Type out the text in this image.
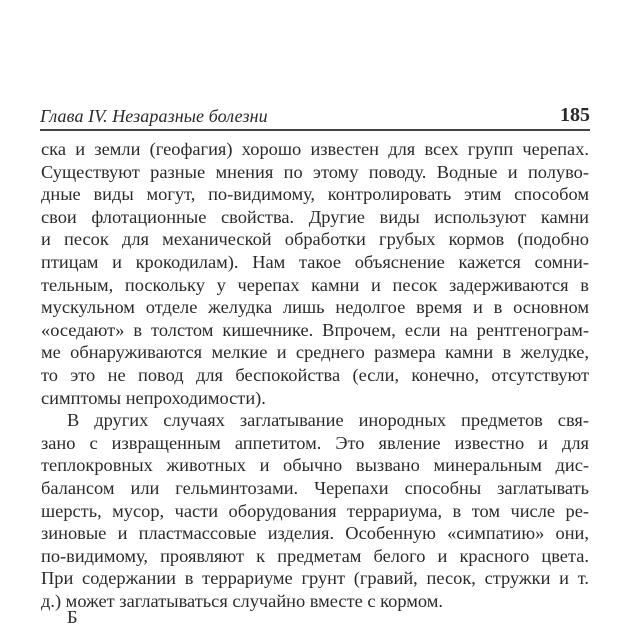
Глава IV. Незаразные болезни	185
ска и земли (геофагия) хорошо известен для всех групп черепах.
Существуют разные мнения по этому поводу. Водные и полуво-
дные виды могут, по-видимому, контролировать этим способом
свои флотационные свойства. Другие виды используют камни
и песок для механической обработки грубых кормов (подобно
птицам и крокодилам). Нам такое объяснение кажется сомни-
тельным, поскольку у черепах камни и песок задерживаются в
мускульном отделе желудка лишь недолгое время и в основном
«оседают» в толстом кишечнике. Впрочем, если на рентгенограм-
ме обнаруживаются мелкие и среднего размера камни в желудке,
то это не повод для беспокойства (если, конечно, отсутствуют
симптомы непроходимости).
В других случаях заглатывание инородных предметов свя-
зано с извращенным аппетитом. Это явление известно и для
теплокровных животных и обычно вызвано минеральным дис-
балансом или гельминтозами. Черепахи способны заглатывать
шерсть, мусор, части оборудования террариума, в том числе ре-
зиновые и пластмассовые изделия. Особенную «симпатию» они,
по-видимому, проявляют к предметам белого и красного цвета.
При содержании в террариуме грунт (гравий, песок, стружки и т.
д.) может заглатываться случайно вместе с кормом.
Б
